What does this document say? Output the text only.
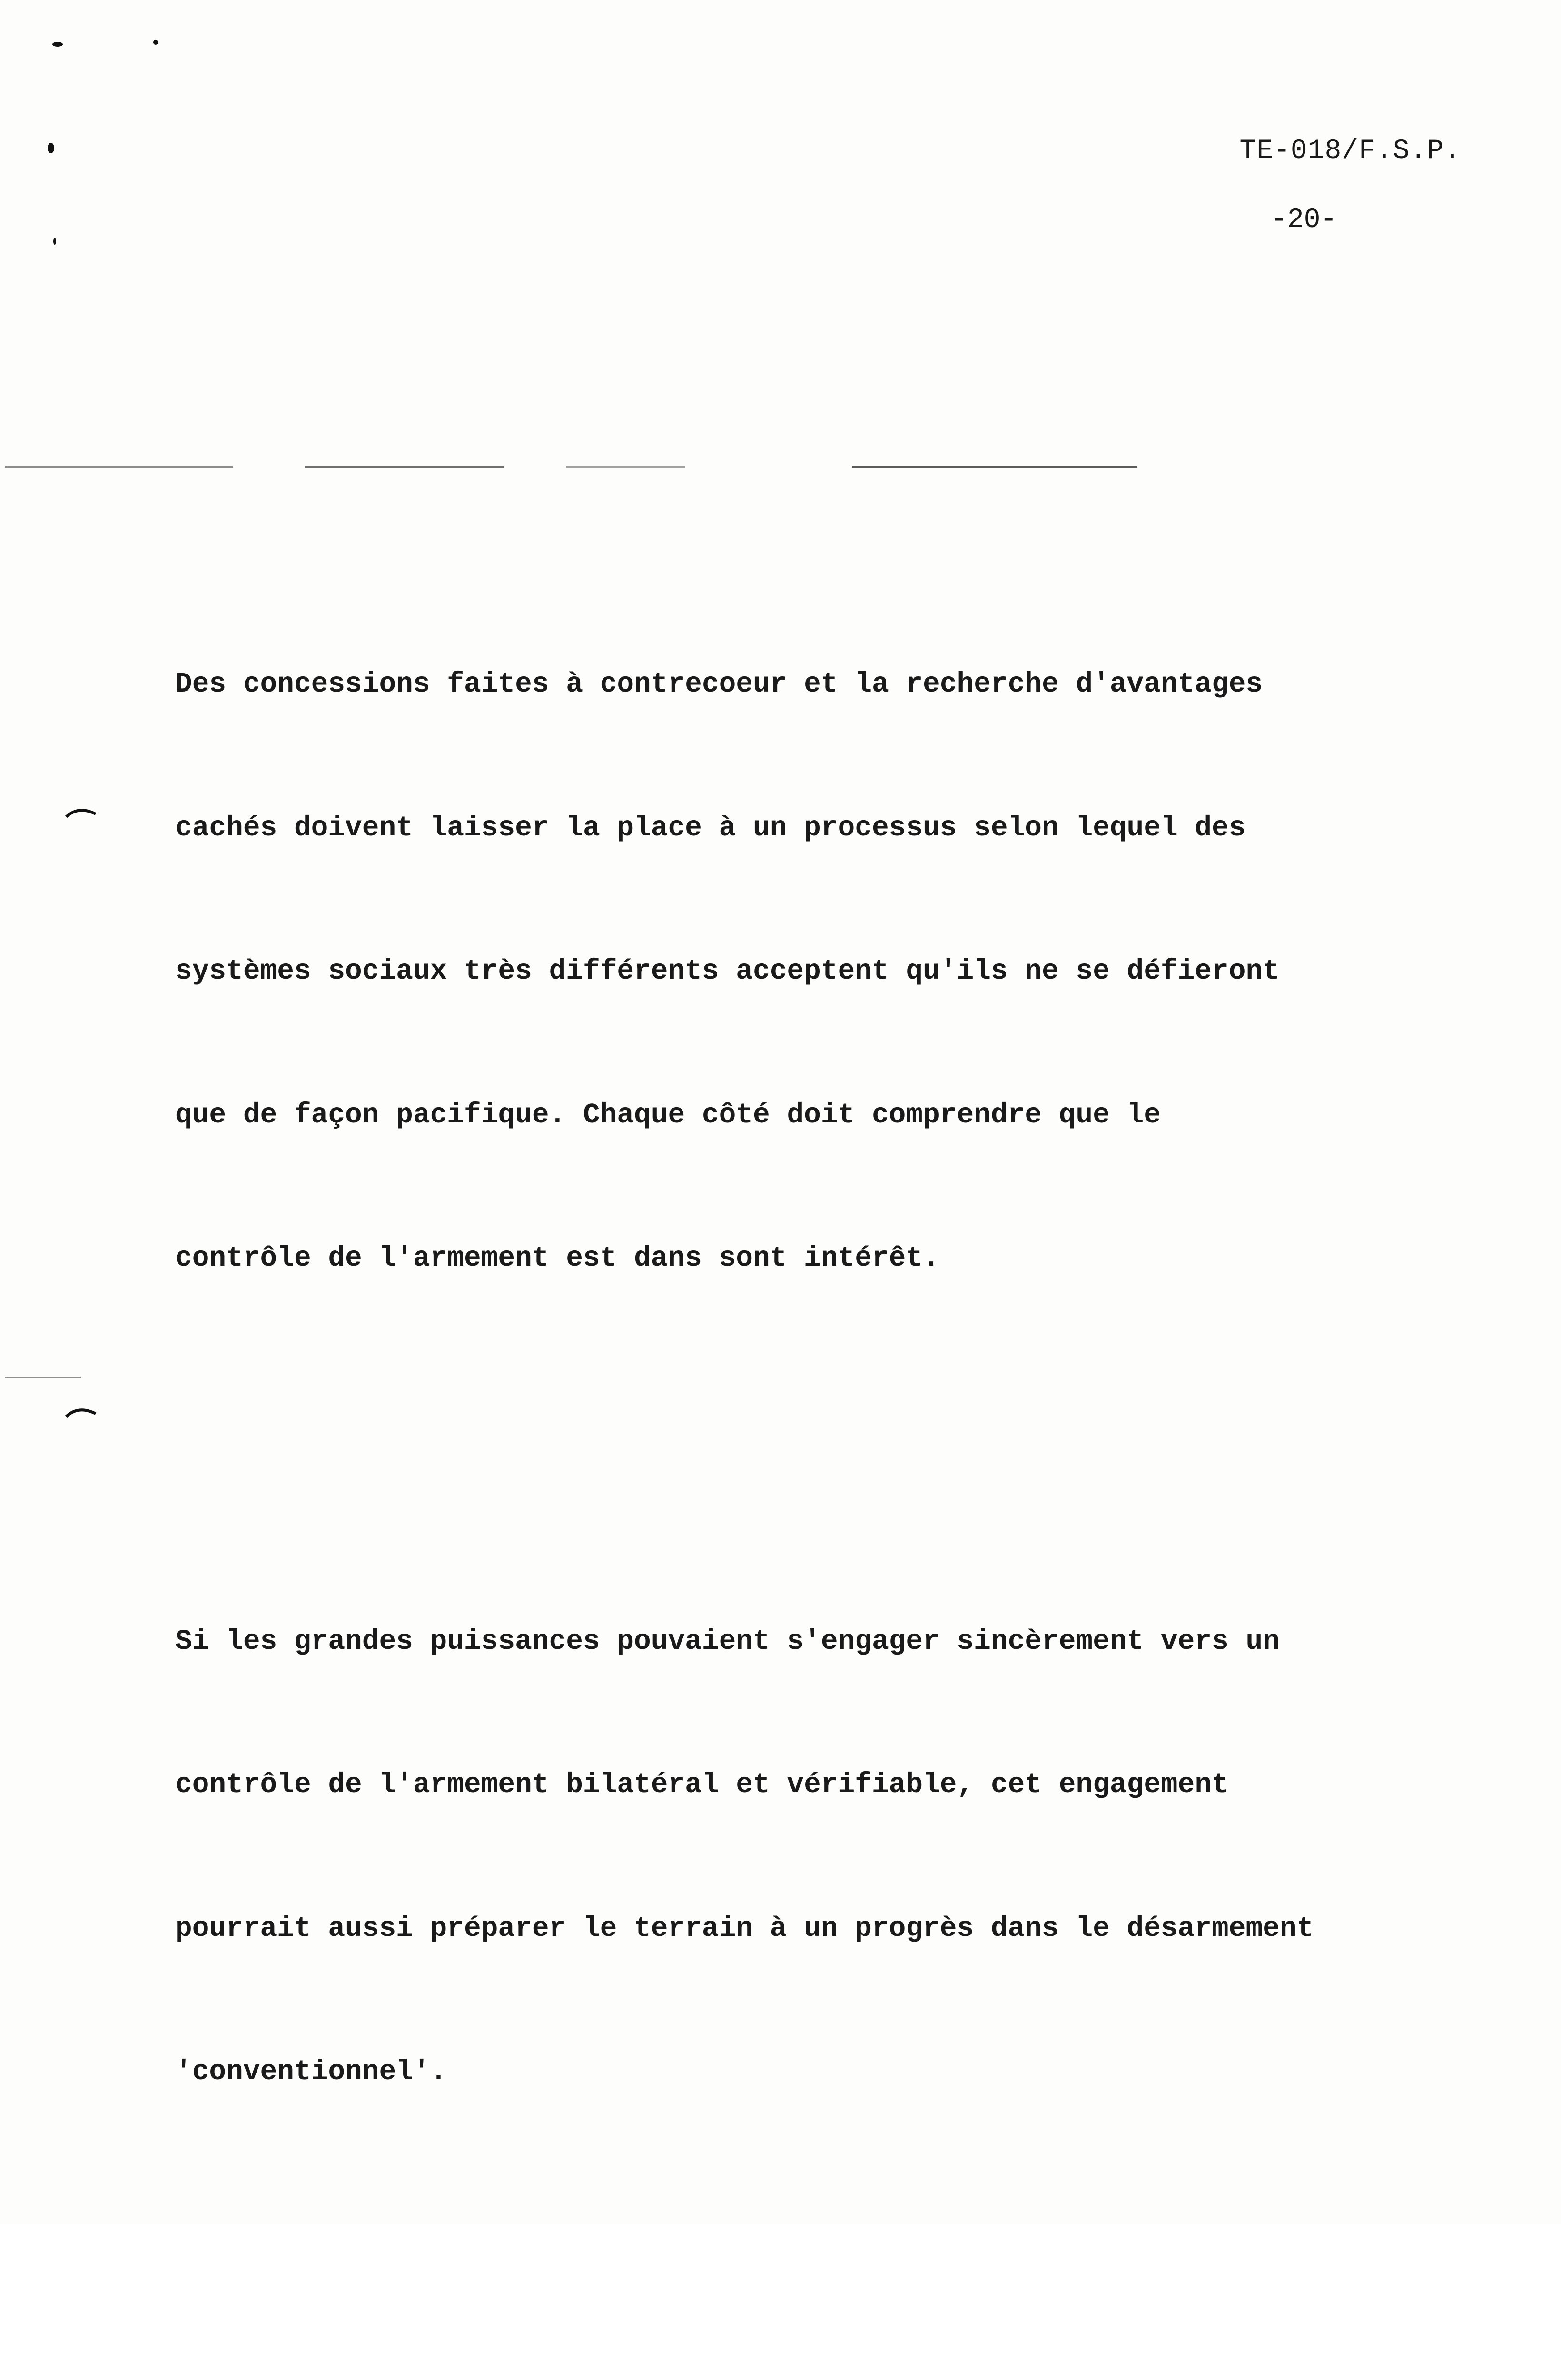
TE-018/F.S.P.
-20-

Des concessions faites à contrecoeur et la recherche d'avantages

cachés doivent laisser la place à un processus selon lequel des

systèmes sociaux très différents acceptent qu'ils ne se défieront

que de façon pacifique. Chaque côté doit comprendre que le

contrôle de l'armement est dans sont intérêt.

Si les grandes puissances pouvaient s'engager sincèrement vers un

contrôle de l'armement bilatéral et vérifiable, cet engagement

pourrait aussi préparer le terrain à un progrès dans le désarmement

'conventionnel'.
